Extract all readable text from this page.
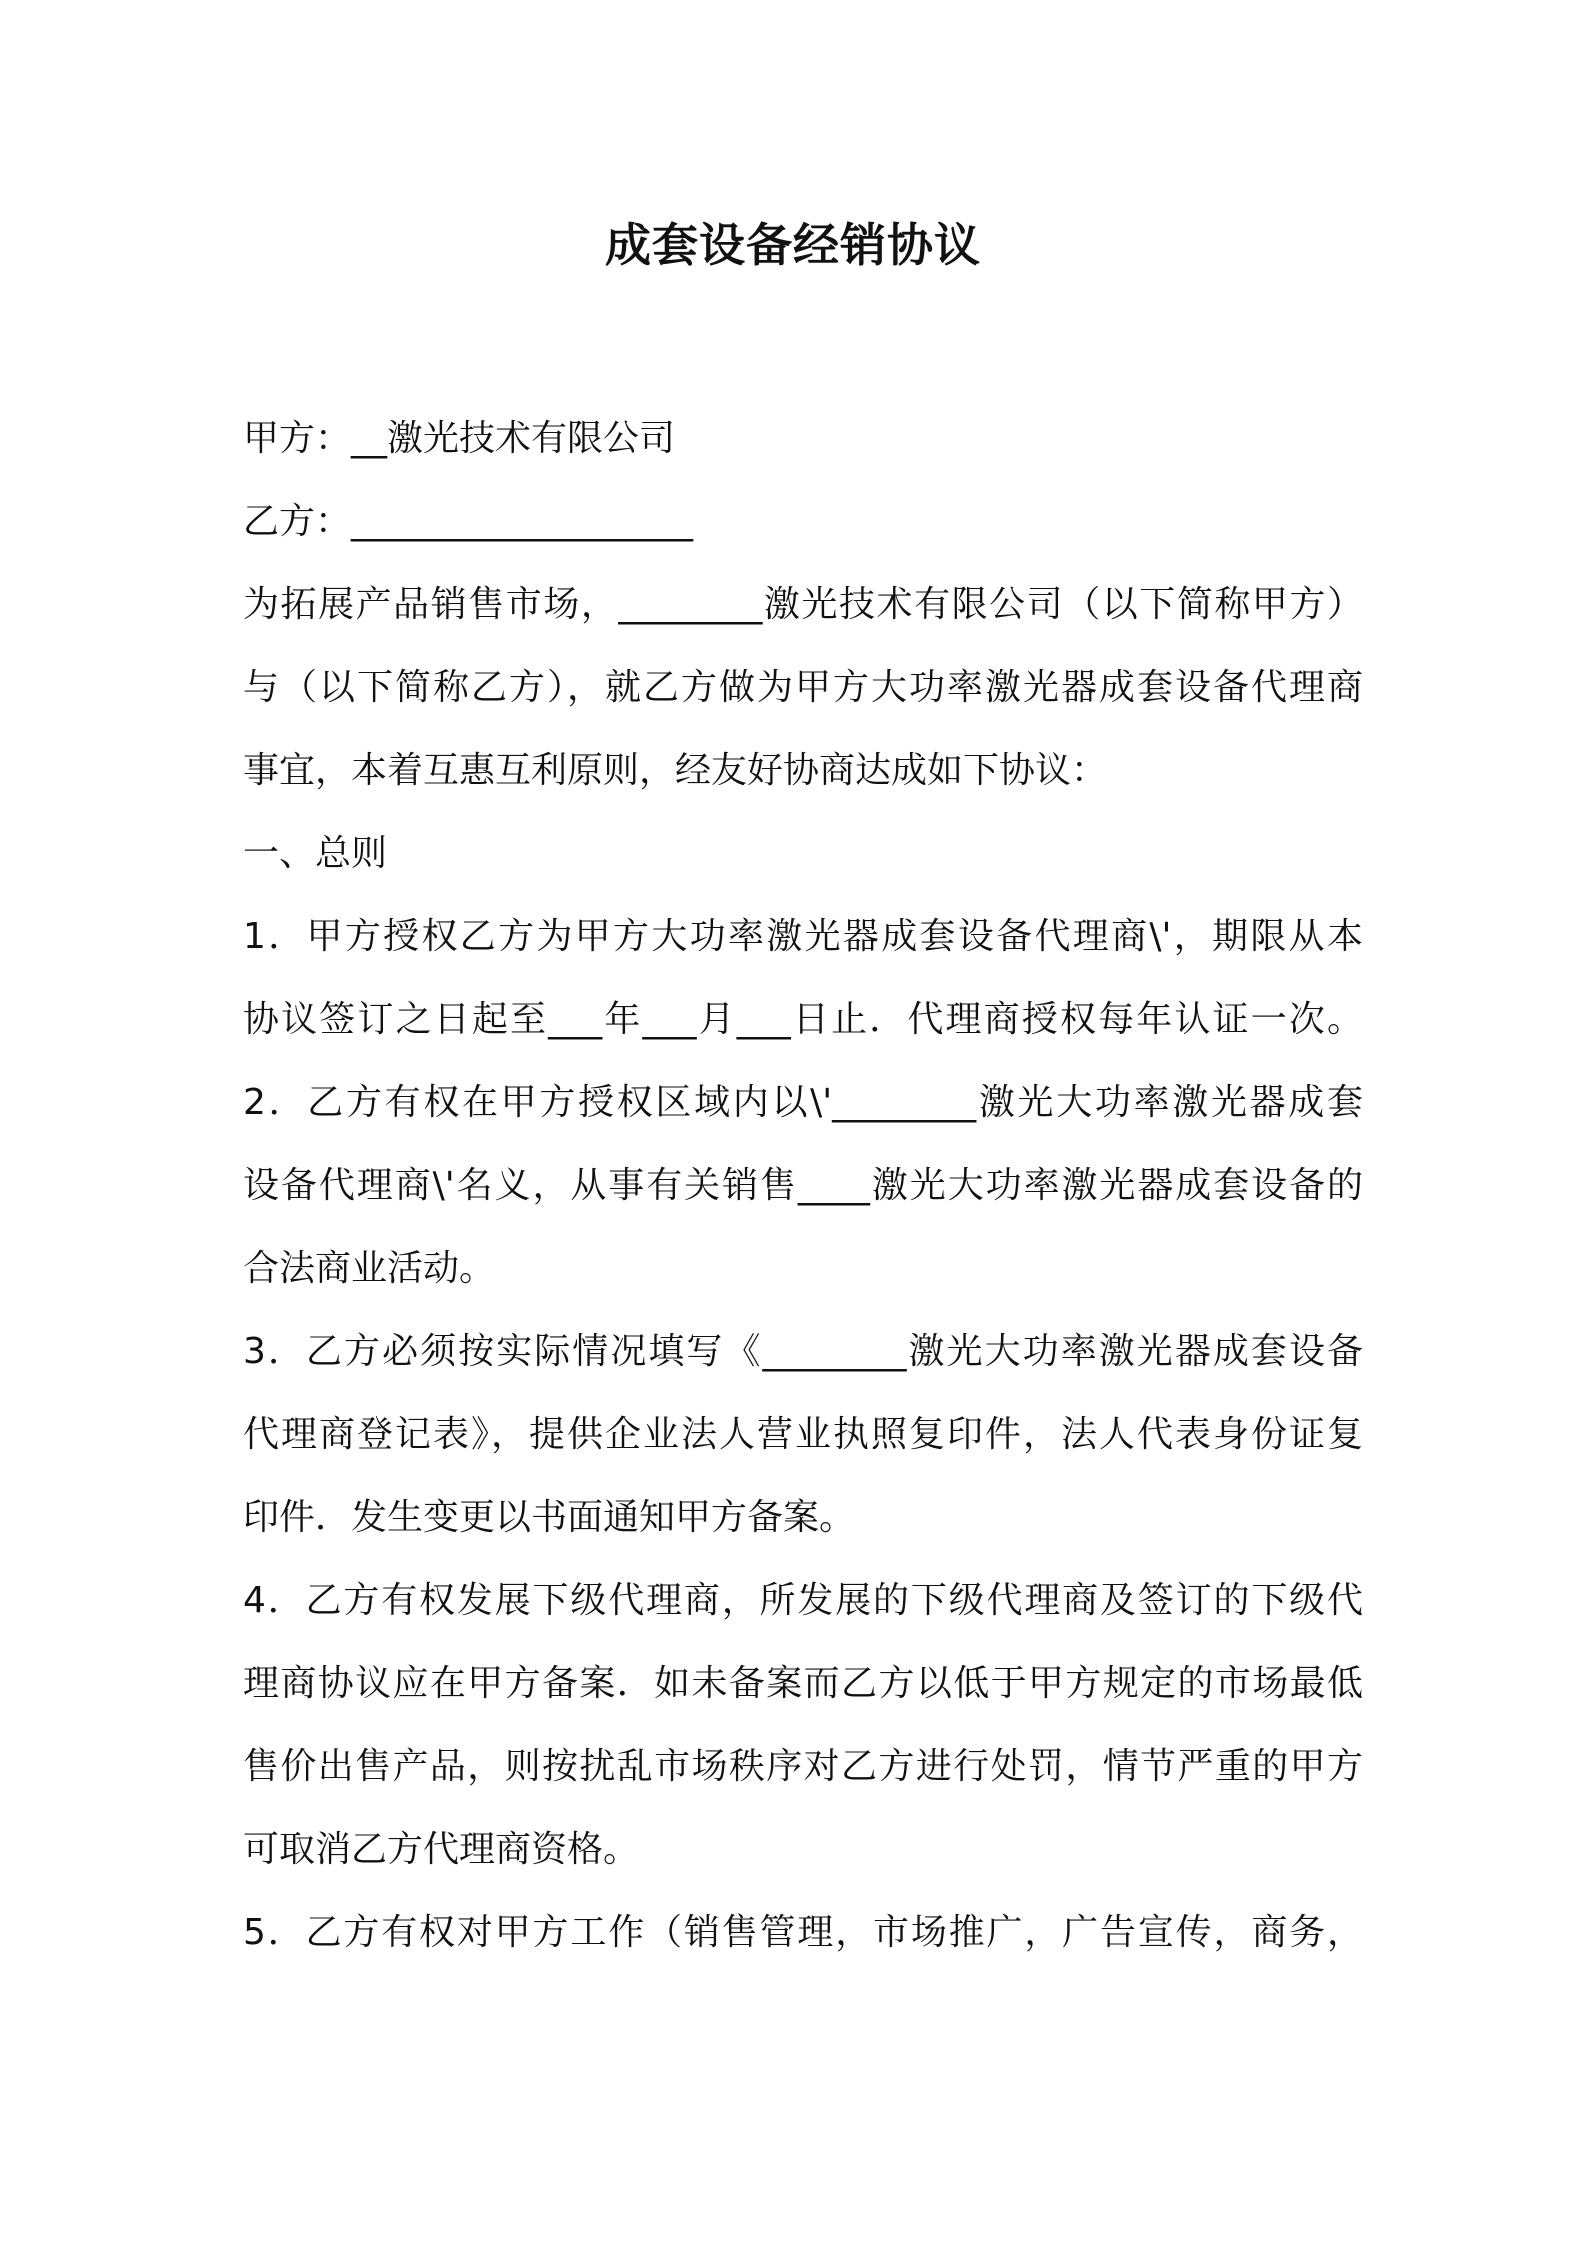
成套设备经销协议
甲方：__激光技术有限公司
乙方：___________________
为拓展产品销售市场，________激光技术有限公司（以下简称甲方）
与（以下简称乙方），就乙方做为甲方大功率激光器成套设备代理商
事宜，本着互惠互利原则，经友好协商达成如下协议：
一、总则
1．甲方授权乙方为甲方大功率激光器成套设备代理商\'，期限从本
协议签订之日起至___年___月___日止．代理商授权每年认证一次。
2．乙方有权在甲方授权区域内以\'________激光大功率激光器成套
设备代理商\'名义，从事有关销售____激光大功率激光器成套设备的
合法商业活动。
3．乙方必须按实际情况填写《________激光大功率激光器成套设备
代理商登记表》，提供企业法人营业执照复印件，法人代表身份证复
印件．发生变更以书面通知甲方备案。
4．乙方有权发展下级代理商，所发展的下级代理商及签订的下级代
理商协议应在甲方备案．如未备案而乙方以低于甲方规定的市场最低
售价出售产品，则按扰乱市场秩序对乙方进行处罚，情节严重的甲方
可取消乙方代理商资格。
5．乙方有权对甲方工作（销售管理，市场推广，广告宣传，商务，
